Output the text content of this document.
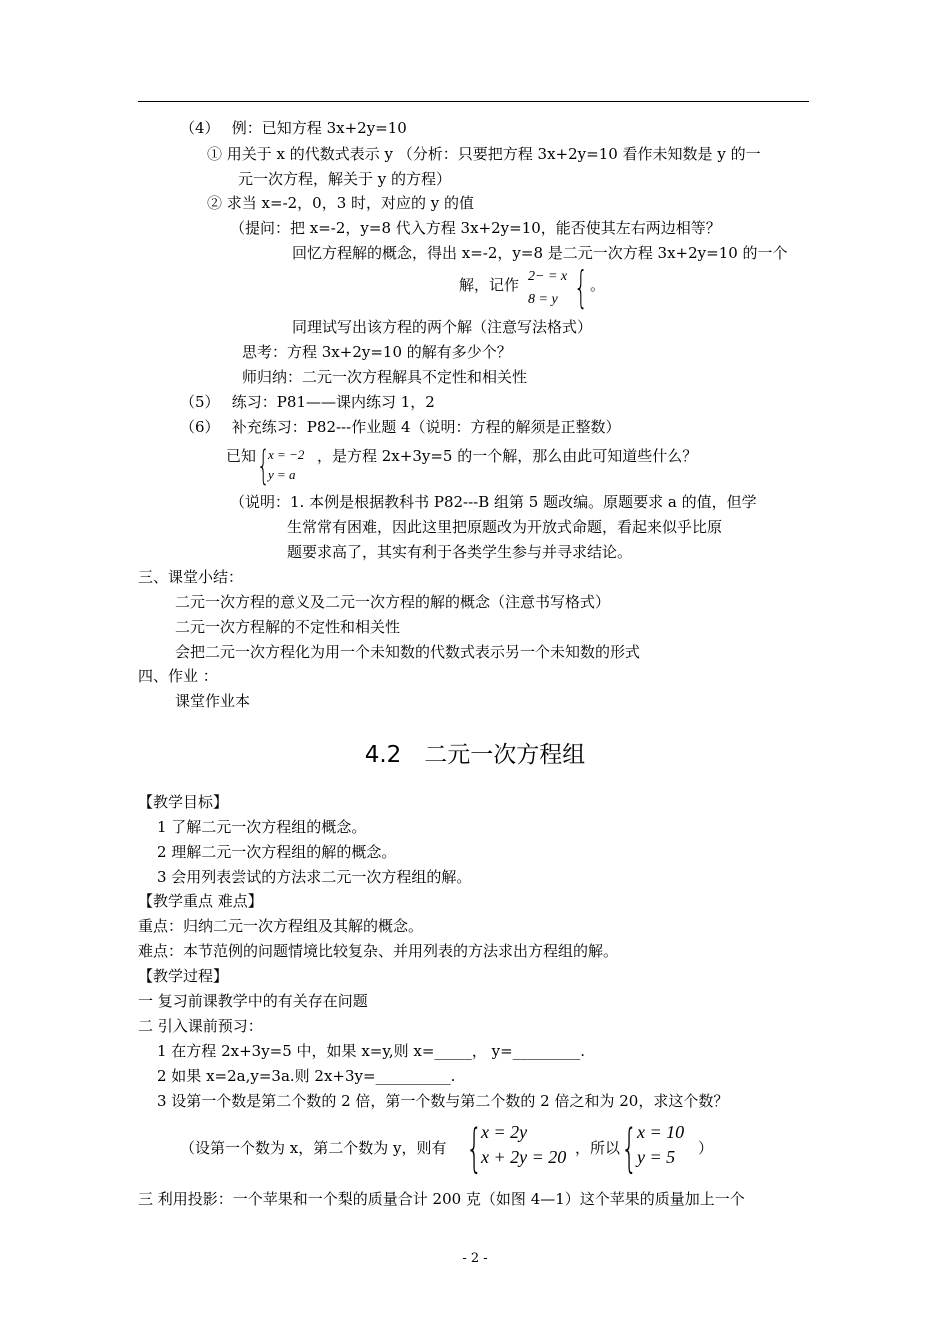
（4）　 例：已知方程 3x+2y=10
① 用关于 x 的代数式表示 y （分析：只要把方程 3x+2y=10 看作未知数是 y 的一
元一次方程，解关于 y 的方程）
② 求当 x=-2，0，3 时，对应的 y 的值
（提问：把 x=-2，y=8 代入方程 3x+2y=10，能否使其左右两边相等？
回忆方程解的概念，得出 x=-2，y=8 是二元一次方程 3x+2y=10 的一个
解，记作 2− = x
8 = y { 。
同理试写出该方程的两个解（注意写法格式）
思考：方程 3x+2y=10 的解有多少个？
师归纳：二元一次方程解具不定性和相关性
（5）　 练习：P81——课内练习 1，2
（6）　 补充练习：P82---作业题 4（说明：方程的解须是正整数）
已知 {
x = −2
y = a
，是方程 2x+3y=5 的一个解，那么由此可知道些什么？
（说明：1. 本例是根据教科书 P82---B 组第 5 题改编。原题要求 a 的值，但学
生常常有困难，因此这里把原题改为开放式命题，看起来似乎比原
题要求高了，其实有利于各类学生参与并寻求结论。
三、课堂小结：
二元一次方程的意义及二元一次方程的解的概念（注意书写格式）
二元一次方程解的不定性和相关性
会把二元一次方程化为用一个未知数的代数式表示另一个未知数的形式
四、作业 ：
课堂作业本
4.2　二元一次方程组
【教学目标】
1 了解二元一次方程组的概念。
2 理解二元一次方程组的解的概念。
3 会用列表尝试的方法求二元一次方程组的解。
【教学重点 难点】
重点：归纳二元一次方程组及其解的概念。
难点：本节范例的问题情境比较复杂、并用列表的方法求出方程组的解。
【教学过程】
一 复习前课教学中的有关存在问题
二 引入课前预习：
1 在方程 2x+3y=5 中，如果 x=y,则 x=_____， y=_________.
2 如果 x=2a,y=3a.则 2x+3y=__________.
3 设第一个数是第二个数的 2 倍，第一个数与第二个数的 2 倍之和为 20，求这个数？
（设第一个数为 x，第二个数为 y，则有 {
x = 2y
x + 2y = 20 ，所以 { x = 10
y = 5	）
三 利用投影：一个苹果和一个梨的质量合计 200 克（如图 4—1）这个苹果的质量加上一个
- 2 -
